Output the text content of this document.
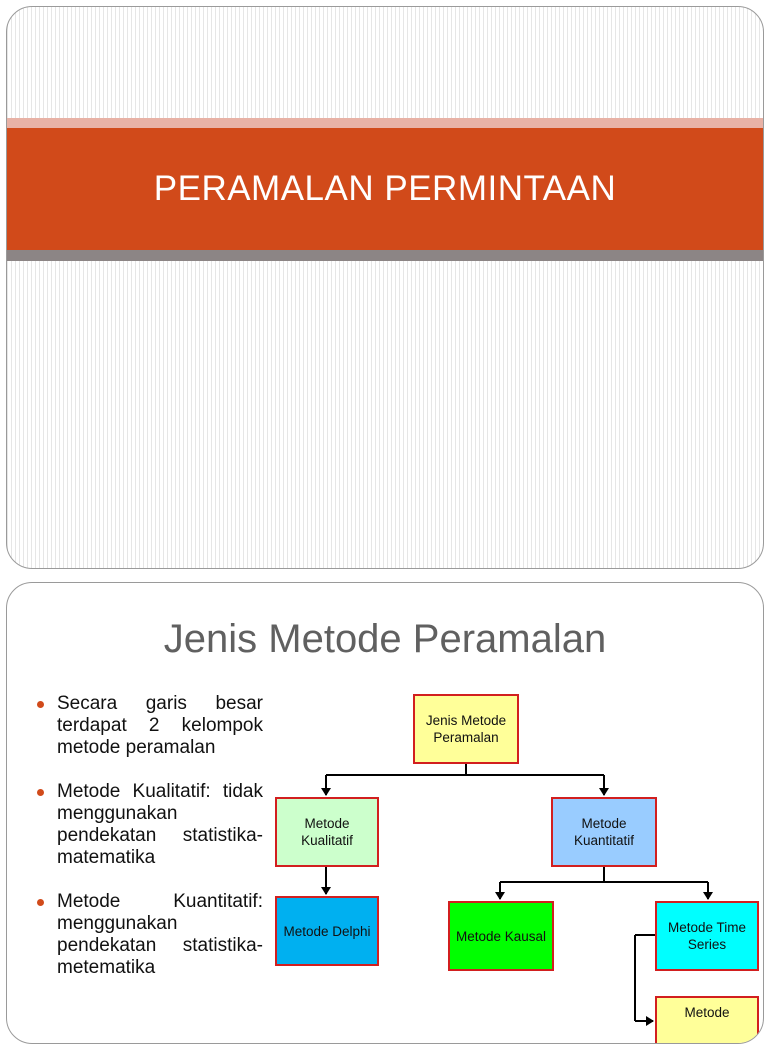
PERAMALAN PERMINTAAN
Jenis Metode Peramalan
Secara garis besar terdapat 2 kelompok metode peramalan
Metode Kualitatif: tidak menggunakan pendekatan statistika-matematika
Metode Kuantitatif: menggunakan pendekatan statistika-metematika
Jenis Metode Peramalan
Metode Kualitatif
Metode Kuantitatif
Metode Delphi	Metode Kausal
Metode Time Series
Metode
